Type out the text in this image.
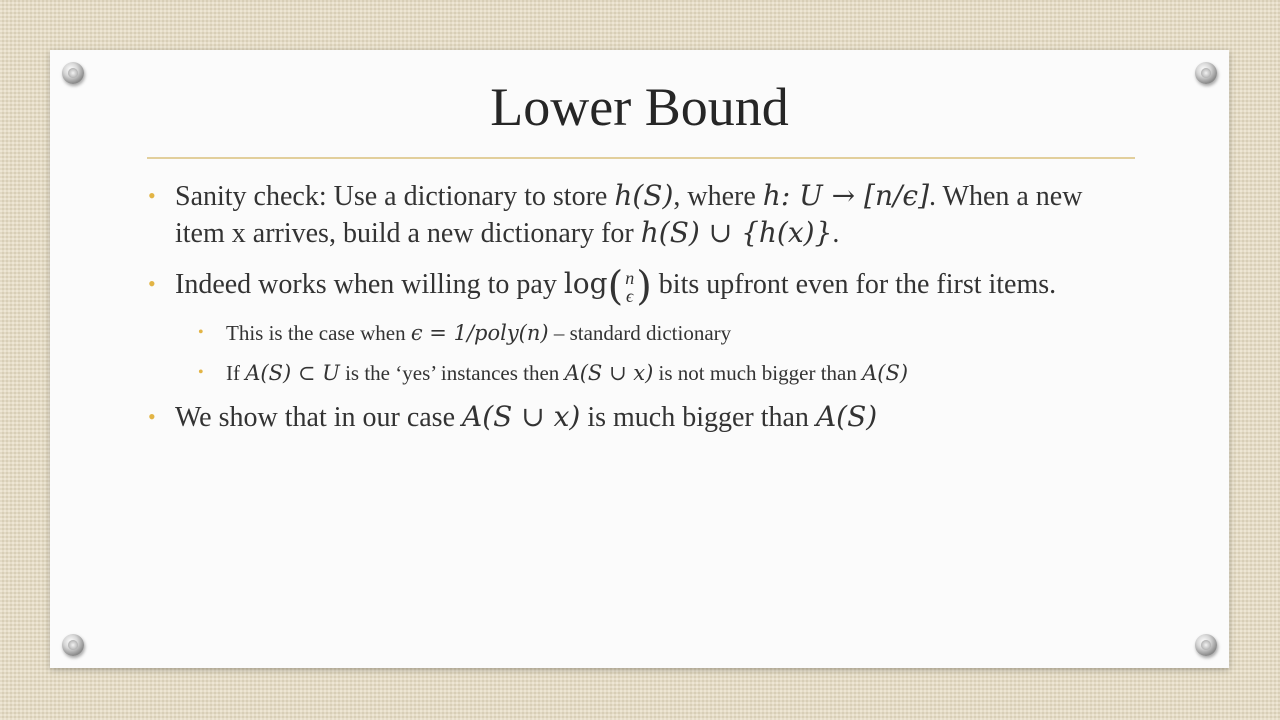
Lower Bound

• Sanity check: Use a dictionary to store h(S), where h: U → [n/ϵ]. When a new item x arrives, build a new dictionary for h(S) ∪ {h(x)}.

• Indeed works when willing to pay log( n
ϵ ) bits upfront even for the first items.

• This is the case when ϵ = 1/poly(n) – standard dictionary

• If A(S) ⊂ U is the ‘yes’ instances then A(S ∪ x) is not much bigger than A(S)

• We show that in our case A(S ∪ x) is much bigger than A(S)
